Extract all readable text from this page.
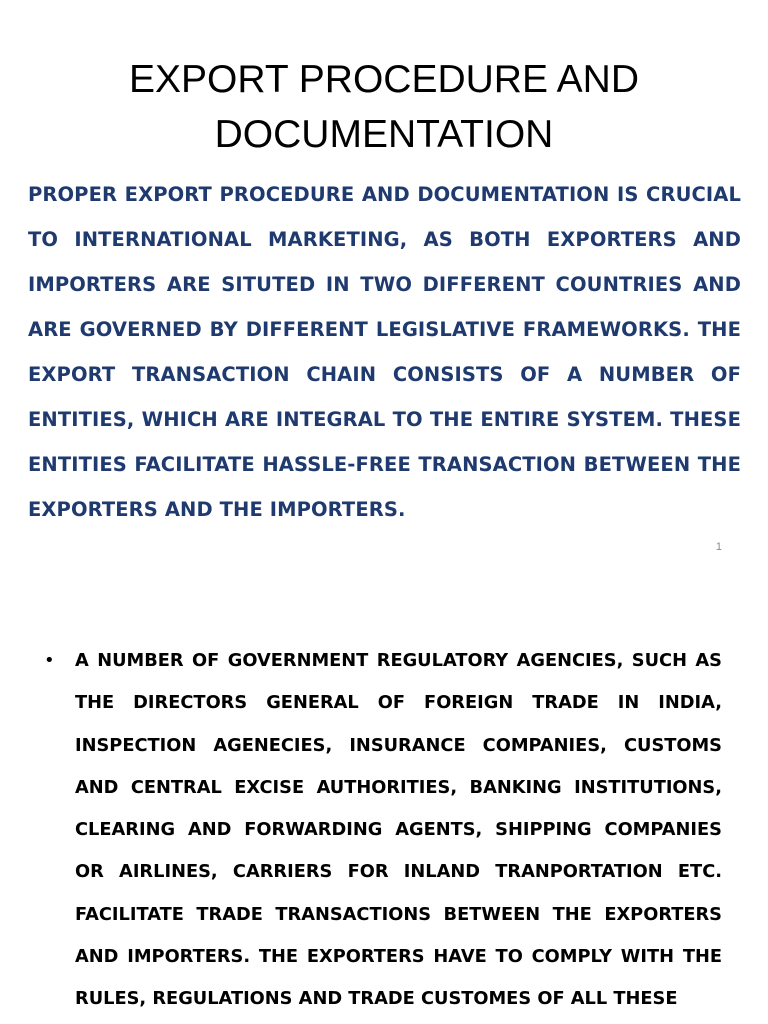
EXPORT PROCEDURE AND DOCUMENTATION

PROPER EXPORT PROCEDURE AND DOCUMENTATION IS CRUCIAL TO INTERNATIONAL MARKETING, AS BOTH EXPORTERS AND IMPORTERS ARE SITUTED IN TWO DIFFERENT COUNTRIES AND ARE GOVERNED BY DIFFERENT LEGISLATIVE FRAMEWORKS. THE EXPORT TRANSACTION CHAIN CONSISTS OF A NUMBER OF ENTITIES, WHICH ARE INTEGRAL TO THE ENTIRE SYSTEM. THESE ENTITIES FACILITATE HASSLE-FREE TRANSACTION BETWEEN THE EXPORTERS AND THE IMPORTERS.

1
•	A NUMBER OF GOVERNMENT REGULATORY AGENCIES, SUCH AS THE DIRECTORS GENERAL OF FOREIGN TRADE IN INDIA, INSPECTION AGENECIES, INSURANCE COMPANIES, CUSTOMS AND CENTRAL EXCISE AUTHORITIES, BANKING INSTITUTIONS, CLEARING AND FORWARDING AGENTS, SHIPPING COMPANIES OR AIRLINES, CARRIERS FOR INLAND TRANPORTATION ETC. FACILITATE TRADE TRANSACTIONS BETWEEN THE EXPORTERS AND IMPORTERS. THE EXPORTERS HAVE TO COMPLY WITH THE RULES, REGULATIONS AND TRADE CUSTOMES OF ALL THESE
